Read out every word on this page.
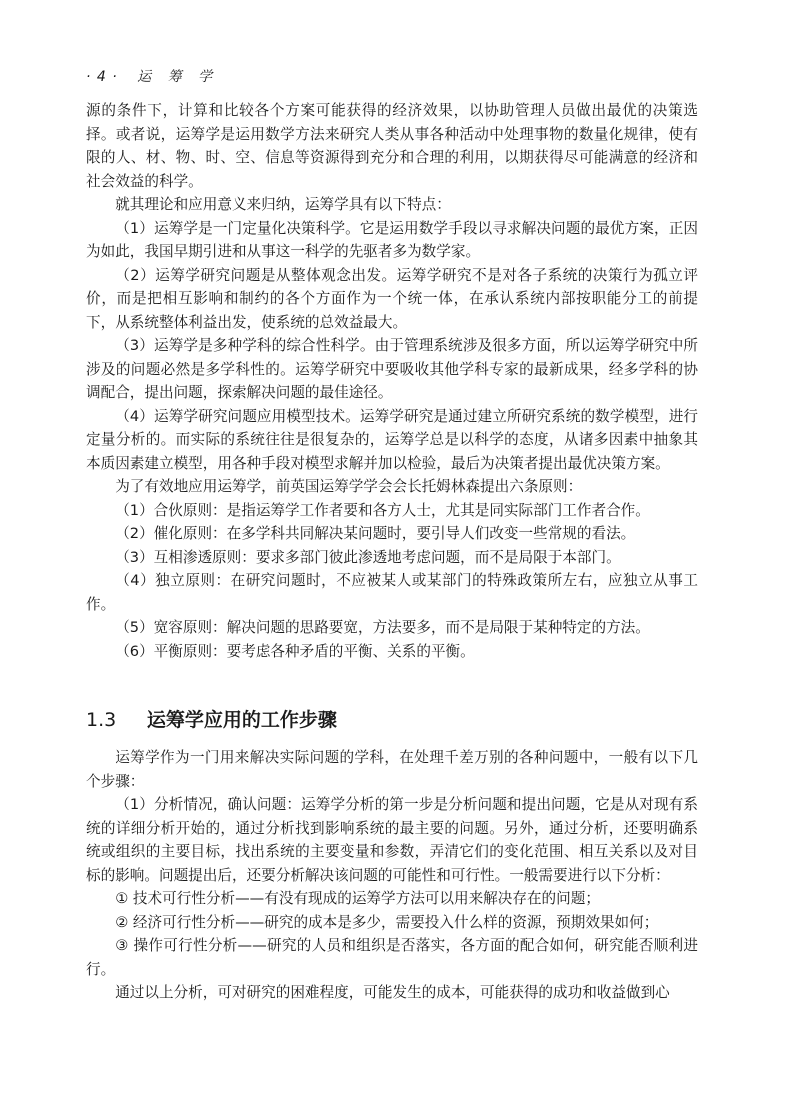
· 4 · 运 筹 学

源的条件下，计算和比较各个方案可能获得的经济效果，以协助管理人员做出最优的决策选择。或者说，运筹学是运用数学方法来研究人类从事各种活动中处理事物的数量化规律，使有限的人、材、物、时、空、信息等资源得到充分和合理的利用，以期获得尽可能满意的经济和社会效益的科学。

就其理论和应用意义来归纳，运筹学具有以下特点：

（1）运筹学是一门定量化决策科学。它是运用数学手段以寻求解决问题的最优方案，正因为如此，我国早期引进和从事这一科学的先驱者多为数学家。

（2）运筹学研究问题是从整体观念出发。运筹学研究不是对各子系统的决策行为孤立评价，而是把相互影响和制约的各个方面作为一个统一体，在承认系统内部按职能分工的前提下，从系统整体利益出发，使系统的总效益最大。

（3）运筹学是多种学科的综合性科学。由于管理系统涉及很多方面，所以运筹学研究中所涉及的问题必然是多学科性的。运筹学研究中要吸收其他学科专家的最新成果，经多学科的协调配合，提出问题，探索解决问题的最佳途径。

（4）运筹学研究问题应用模型技术。运筹学研究是通过建立所研究系统的数学模型，进行定量分析的。而实际的系统往往是很复杂的，运筹学总是以科学的态度，从诸多因素中抽象其本质因素建立模型，用各种手段对模型求解并加以检验，最后为决策者提出最优决策方案。

为了有效地应用运筹学，前英国运筹学学会会长托姆林森提出六条原则：

（1）合伙原则：是指运筹学工作者要和各方人士，尤其是同实际部门工作者合作。

（2）催化原则：在多学科共同解决某问题时，要引导人们改变一些常规的看法。

（3）互相渗透原则：要求多部门彼此渗透地考虑问题，而不是局限于本部门。

（4）独立原则：在研究问题时，不应被某人或某部门的特殊政策所左右，应独立从事工作。

（5）宽容原则：解决问题的思路要宽，方法要多，而不是局限于某种特定的方法。

（6）平衡原则：要考虑各种矛盾的平衡、关系的平衡。

1.3 运筹学应用的工作步骤

运筹学作为一门用来解决实际问题的学科，在处理千差万别的各种问题中，一般有以下几个步骤：

（1）分析情况，确认问题：运筹学分析的第一步是分析问题和提出问题，它是从对现有系统的详细分析开始的，通过分析找到影响系统的最主要的问题。另外，通过分析，还要明确系统或组织的主要目标，找出系统的主要变量和参数，弄清它们的变化范围、相互关系以及对目标的影响。问题提出后，还要分析解决该问题的可能性和可行性。一般需要进行以下分析：

① 技术可行性分析——有没有现成的运筹学方法可以用来解决存在的问题；

② 经济可行性分析——研究的成本是多少，需要投入什么样的资源，预期效果如何；

③ 操作可行性分析——研究的人员和组织是否落实，各方面的配合如何，研究能否顺利进行。

通过以上分析，可对研究的困难程度，可能发生的成本，可能获得的成功和收益做到心
